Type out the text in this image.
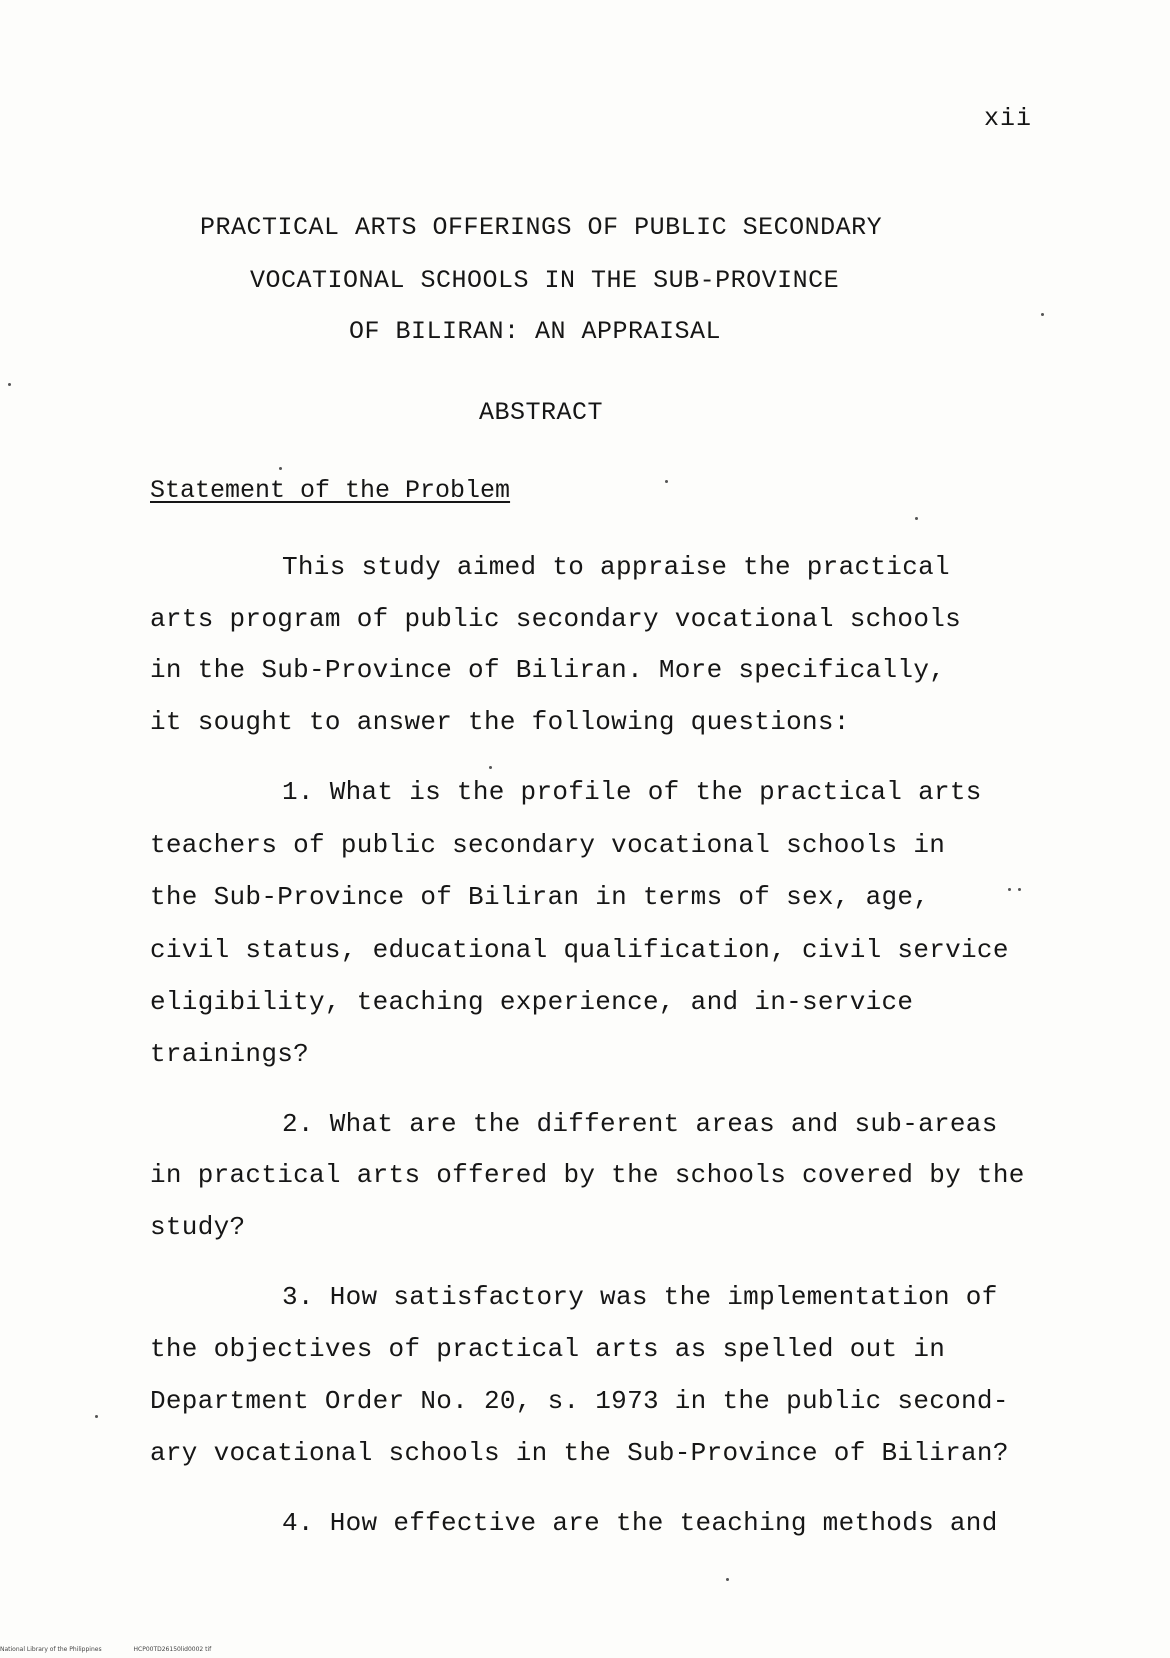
xii
PRACTICAL ARTS OFFERINGS OF PUBLIC SECONDARY
VOCATIONAL SCHOOLS IN THE SUB-PROVINCE
OF BILIRAN: AN APPRAISAL
ABSTRACT
Statement of the Problem
This study aimed to appraise the practical
arts program of public secondary vocational schools
in the Sub-Province of Biliran. More specifically,
it sought to answer the following questions:
1. What is the profile of the practical arts
teachers of public secondary vocational schools in
the Sub-Province of Biliran in terms of sex, age,
civil status, educational qualification, civil service
eligibility, teaching experience, and in-service
trainings?
2. What are the different areas and sub-areas
in practical arts offered by the schools covered by the
study?
3. How satisfactory was the implementation of
the objectives of practical arts as spelled out in
Department Order No. 20, s. 1973 in the public second-
ary vocational schools in the Sub-Province of Biliran?
4. How effective are the teaching methods and
National Library of the Philippines	HCP00TD26150lid0002 tif
